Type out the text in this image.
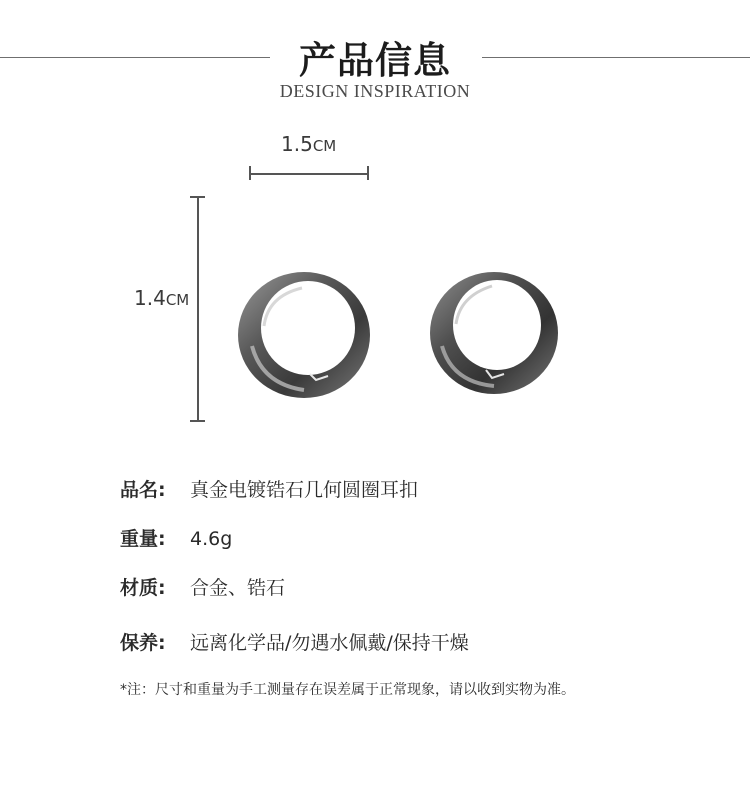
产品信息
DESIGN INSPIRATION
1.5CM
1.4CM
品名: 真金电镀锆石几何圆圈耳扣
重量: 4.6g
材质: 合金、锆石
保养: 远离化学品/勿遇水佩戴/保持干燥
*注：尺寸和重量为手工测量存在误差属于正常现象，请以收到实物为准。
